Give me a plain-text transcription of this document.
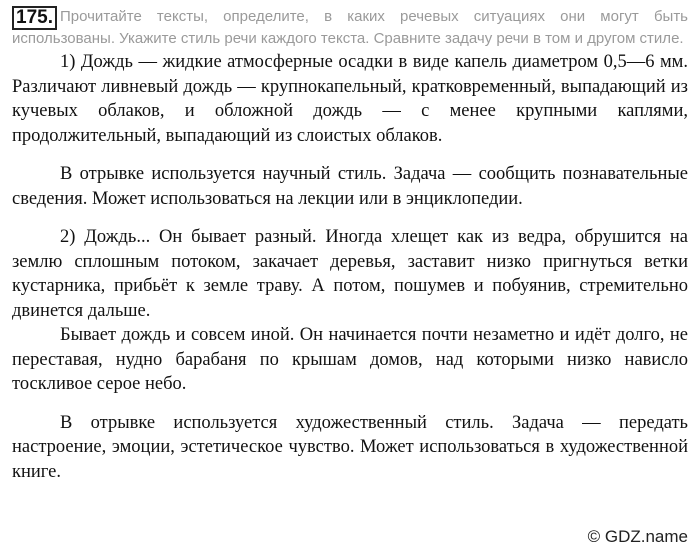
175. Прочитайте тексты, определите, в каких речевых ситуациях они могут быть использованы. Укажите стиль речи каждого текста. Сравните задачу речи в том и другом стиле.

1) Дождь — жидкие атмосферные осадки в виде капель диаметром 0,5—6 мм. Различают ливневый дождь — крупнокапельный, кратковременный, выпадающий из кучевых облаков, и обложной дождь — с менее крупными каплями, продолжительный, выпадающий из слоистых облаков.

В отрывке используется научный стиль. Задача — сообщить познавательные сведения. Может использоваться на лекции или в энциклопедии.

2) Дождь... Он бывает разный. Иногда хлещет как из ведра, обрушится на землю сплошным потоком, закачает деревья, заставит низко пригнуться ветки кустарника, прибьёт к земле траву. А потом, пошумев и побуянив, стремительно двинется дальше.

Бывает дождь и совсем иной. Он начинается почти незаметно и идёт долго, не переставая, нудно барабаня по крышам домов, над которыми низко нависло тоскливое серое небо.

В отрывке используется художественный стиль. Задача — передать настроение, эмоции, эстетическое чувство. Может использоваться в художественной книге.

© GDZ.name
